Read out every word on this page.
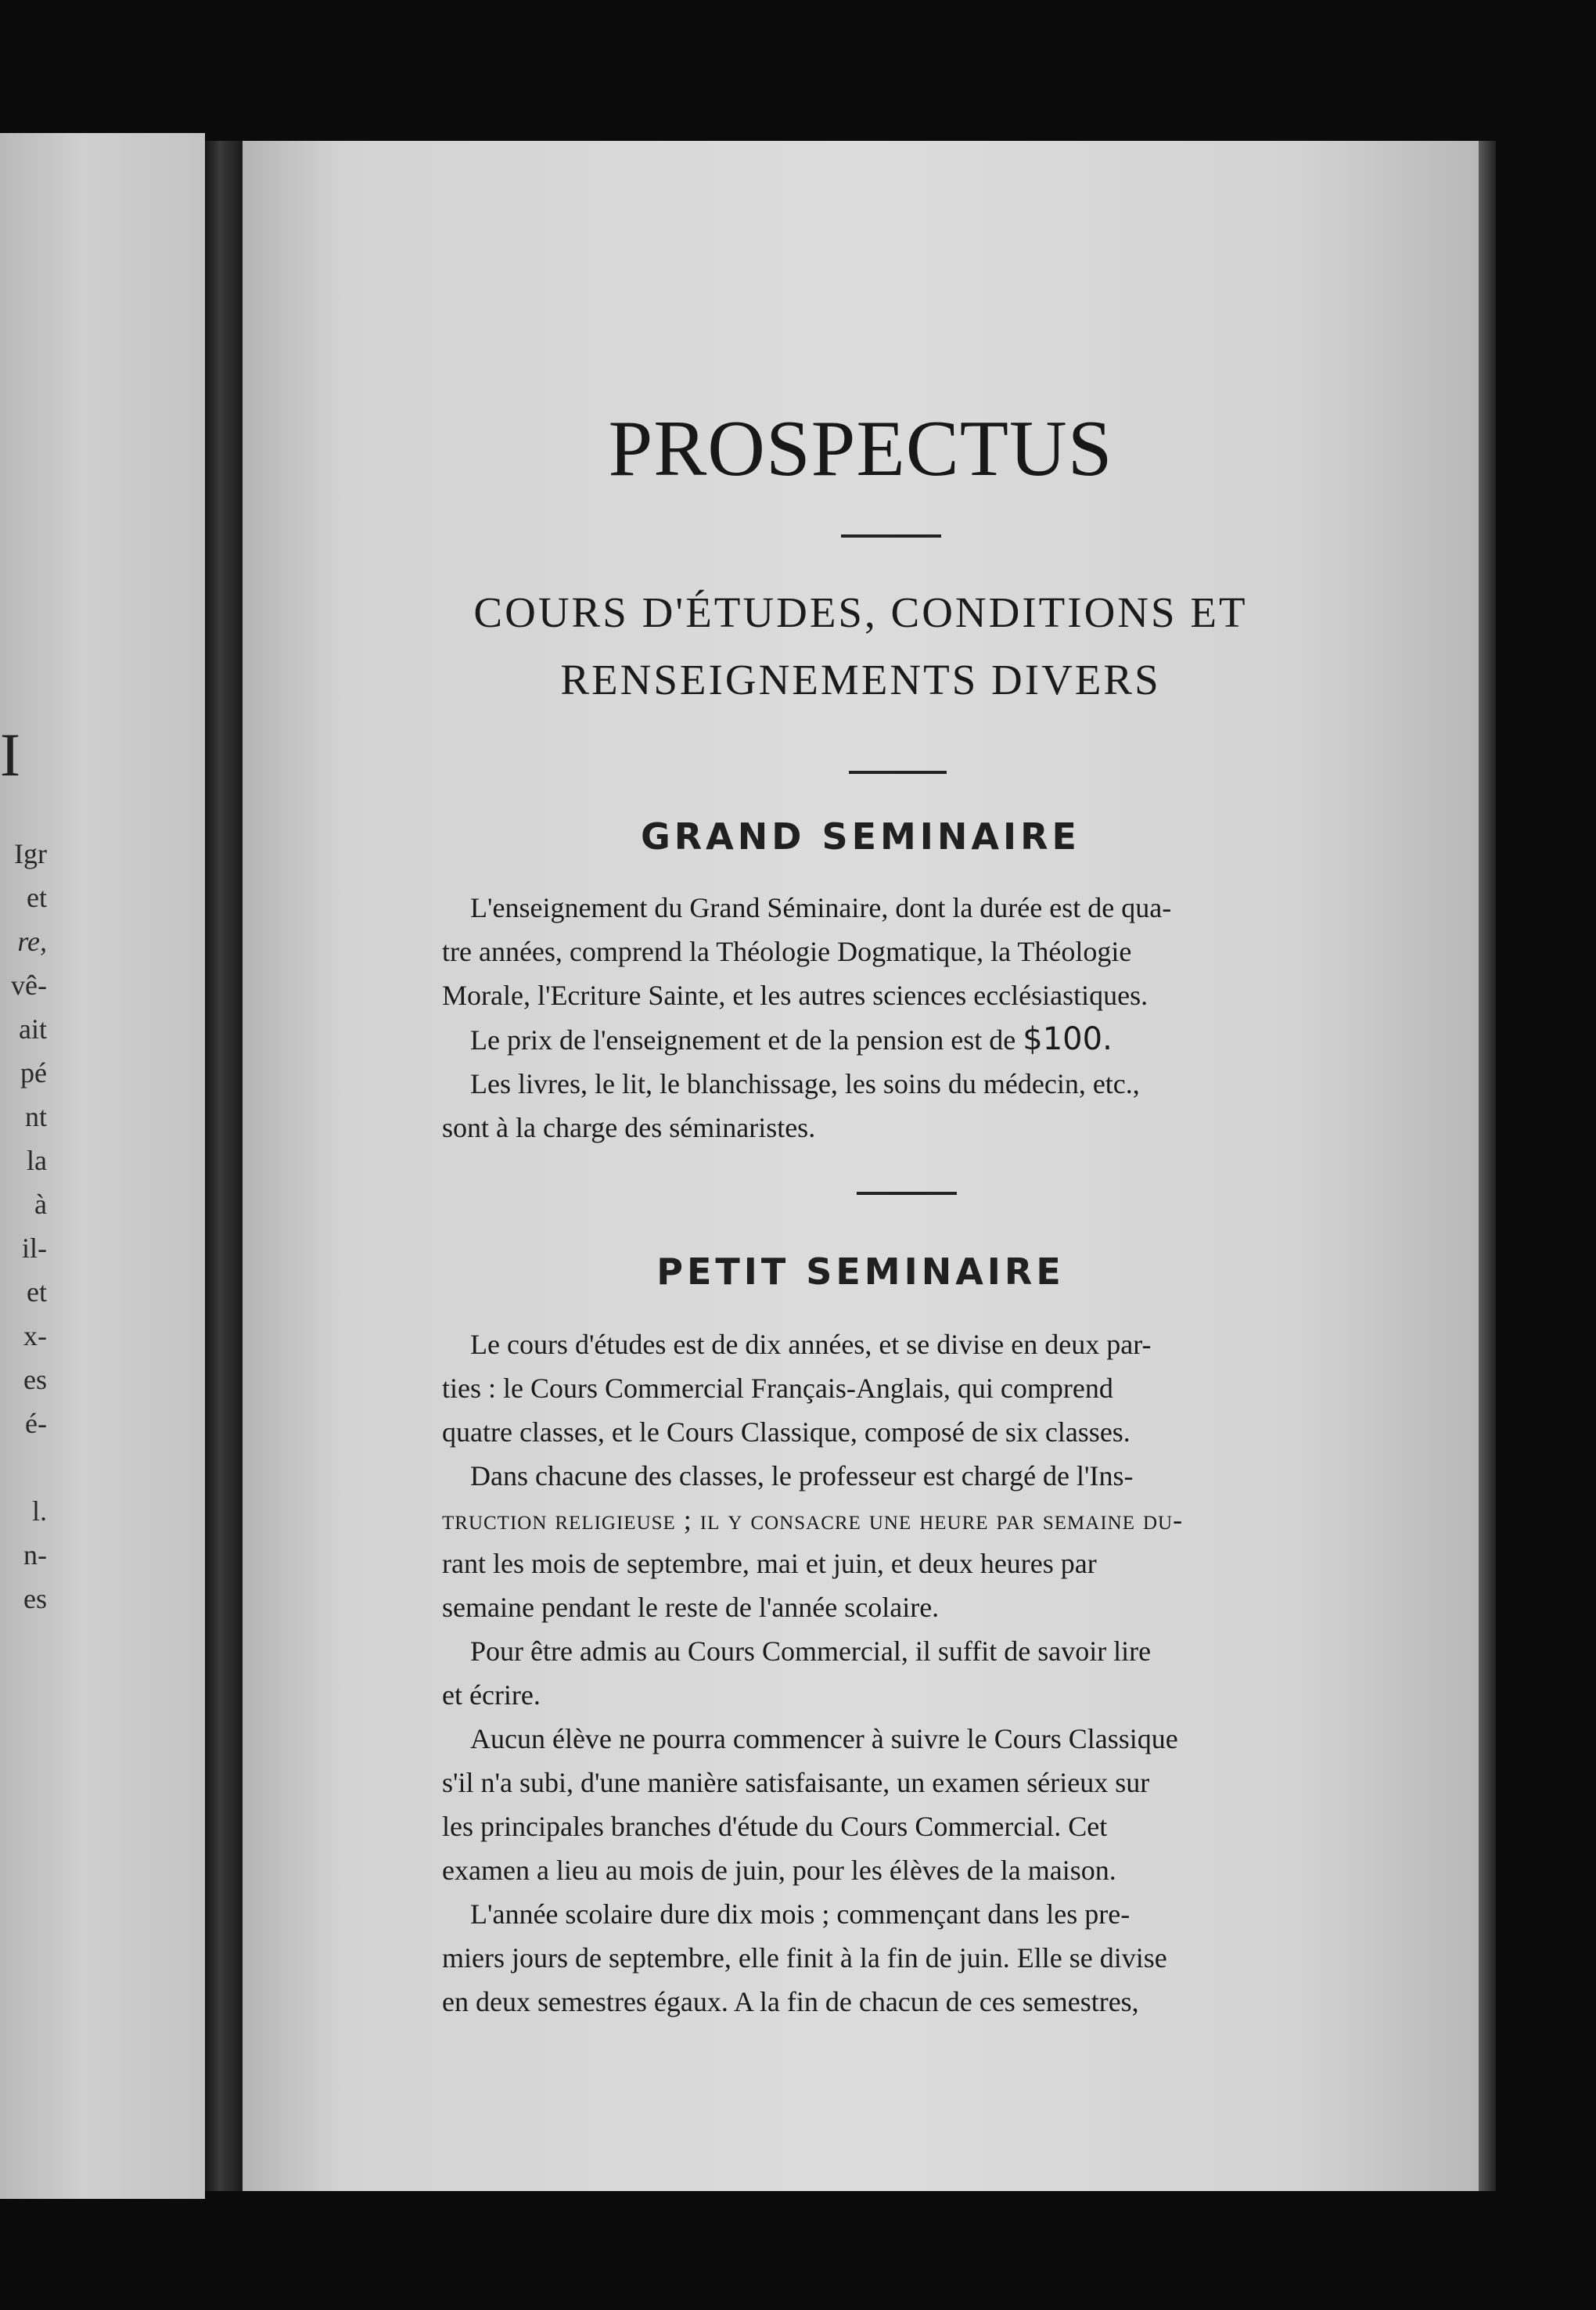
I
Igr
et
re,
vê-
ait
pé
nt
la
à
il-
et
x-
es
é-
l.
n-
es
PROSPECTUS
COURS D'ÉTUDES, CONDITIONS ET
RENSEIGNEMENTS DIVERS
GRAND SEMINAIRE
L'enseignement du Grand Séminaire, dont la durée est de qua-
tre années, comprend la Théologie Dogmatique, la Théologie
Morale, l'Ecriture Sainte, et les autres sciences ecclésiastiques.
Le prix de l'enseignement et de la pension est de $100.
Les livres, le lit, le blanchissage, les soins du médecin, etc.,
sont à la charge des séminaristes.
PETIT SEMINAIRE
Le cours d'études est de dix années, et se divise en deux par-
ties : le Cours Commercial Français-Anglais, qui comprend
quatre classes, et le Cours Classique, composé de six classes.
Dans chacune des classes, le professeur est chargé de l'Ins-
truction religieuse ; il y consacre une heure par semaine du-
rant les mois de septembre, mai et juin, et deux heures par
semaine pendant le reste de l'année scolaire.
Pour être admis au Cours Commercial, il suffit de savoir lire
et écrire.
Aucun élève ne pourra commencer à suivre le Cours Classique
s'il n'a subi, d'une manière satisfaisante, un examen sérieux sur
les principales branches d'étude du Cours Commercial. Cet
examen a lieu au mois de juin, pour les élèves de la maison.
L'année scolaire dure dix mois ; commençant dans les pre-
miers jours de septembre, elle finit à la fin de juin. Elle se divise
en deux semestres égaux. A la fin de chacun de ces semestres,
